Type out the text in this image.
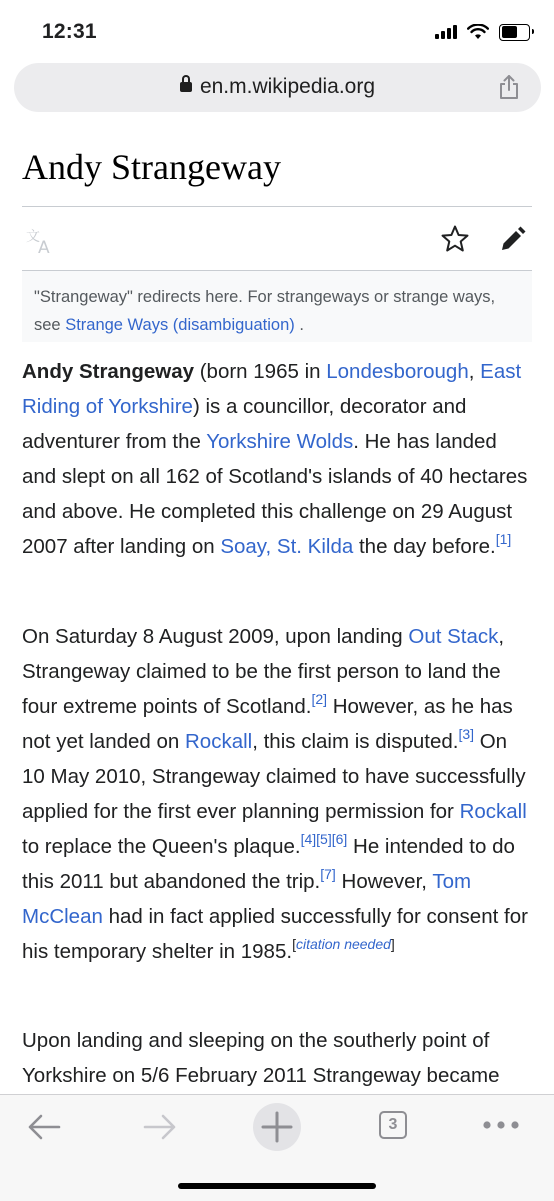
12:31
en.m.wikipedia.org
Andy Strangeway
文
A
"Strangeway" redirects here. For strangeways or strange ways, see Strange Ways (disambiguation) .

Andy Strangeway (born 1965 in Londesborough, East Riding of Yorkshire) is a councillor, decorator and adventurer from the Yorkshire Wolds. He has landed and slept on all 162 of Scotland's islands of 40 hectares and above. He completed this challenge on 29 August 2007 after landing on Soay, St. Kilda the day before.[1]

On Saturday 8 August 2009, upon landing Out Stack, Strangeway claimed to be the first person to land the four extreme points of Scotland.[2] However, as he has not yet landed on Rockall, this claim is disputed.[3] On 10 May 2010, Strangeway claimed to have successfully applied for the first ever planning permission for Rockall to replace the Queen's plaque.[4][5][6] He intended to do this 2011 but abandoned the trip.[7] However, Tom McClean had in fact applied successfully for consent for his temporary shelter in 1985.[citation needed]

Upon landing and sleeping on the southerly point of Yorkshire on 5/6 February 2011 Strangeway became

3
